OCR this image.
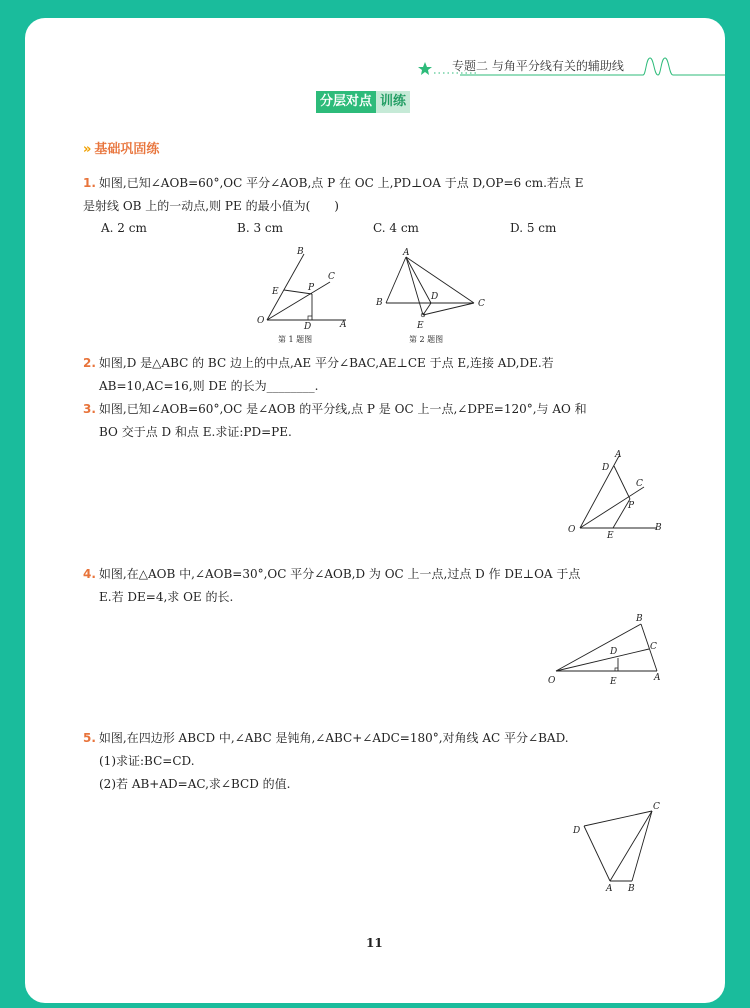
专题二 与角平分线有关的辅助线
分层对点 训练
» 基础巩固练
1. 如图,已知∠AOB=60°,OC 平分∠AOB,点 P 在 OC 上,PD⊥OA 于点 D,OP=6 cm.若点 E
是射线 OB 上的一动点,则 PE 的最小值为(　　)
A. 2 cm	B. 3 cm	C. 4 cm	D. 5 cm
B
C
E	P
O
D	A
第 1 题图
A
B
D
C
E
第 2 题图
2. 如图,D 是△ABC 的 BC 边上的中点,AE 平分∠BAC,AE⊥CE 于点 E,连接 AD,DE.若
AB=10,AC=16,则 DE 的长为________.
3. 如图,已知∠AOB=60°,OC 是∠AOB 的平分线,点 P 是 OC 上一点,∠DPE=120°,与 AO 和
BO 交于点 D 和点 E.求证:PD=PE.
A
D
C
P
O	B
E
4. 如图,在△AOB 中,∠AOB=30°,OC 平分∠AOB,D 为 OC 上一点,过点 D 作 DE⊥OA 于点
E.若 DE=4,求 OE 的长.
B
C
D
O	E	A
5. 如图,在四边形 ABCD 中,∠ABC 是钝角,∠ABC+∠ADC=180°,对角线 AC 平分∠BAD.
(1)求证:BC=CD.
(2)若 AB+AD=AC,求∠BCD 的值.
C
D
A B
11
